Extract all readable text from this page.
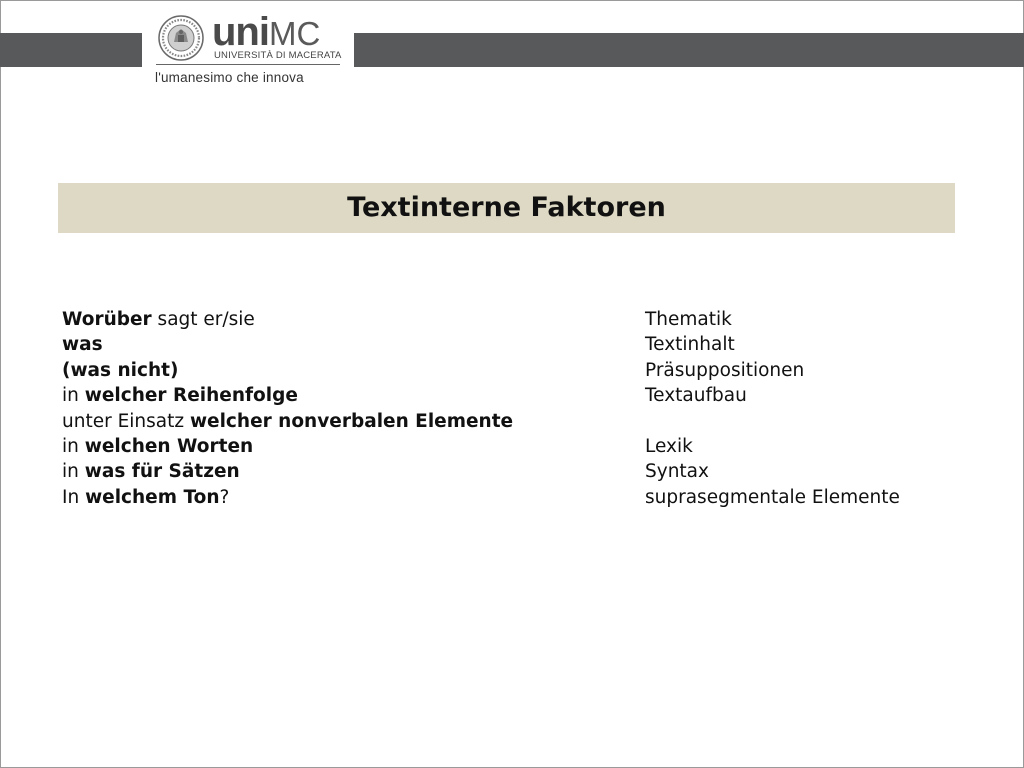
uniMC
UNIVERSITÀ DI MACERATA
l'umanesimo che innova
Textinterne Faktoren
Worüber sagt er/sie
was
(was nicht)
in welcher Reihenfolge
unter Einsatz welcher nonverbalen Elemente
in welchen Worten
in was für Sätzen
In welchem Ton?
Thematik
Textinhalt
Präsuppositionen
Textaufbau
Lexik
Syntax
suprasegmentale Elemente
